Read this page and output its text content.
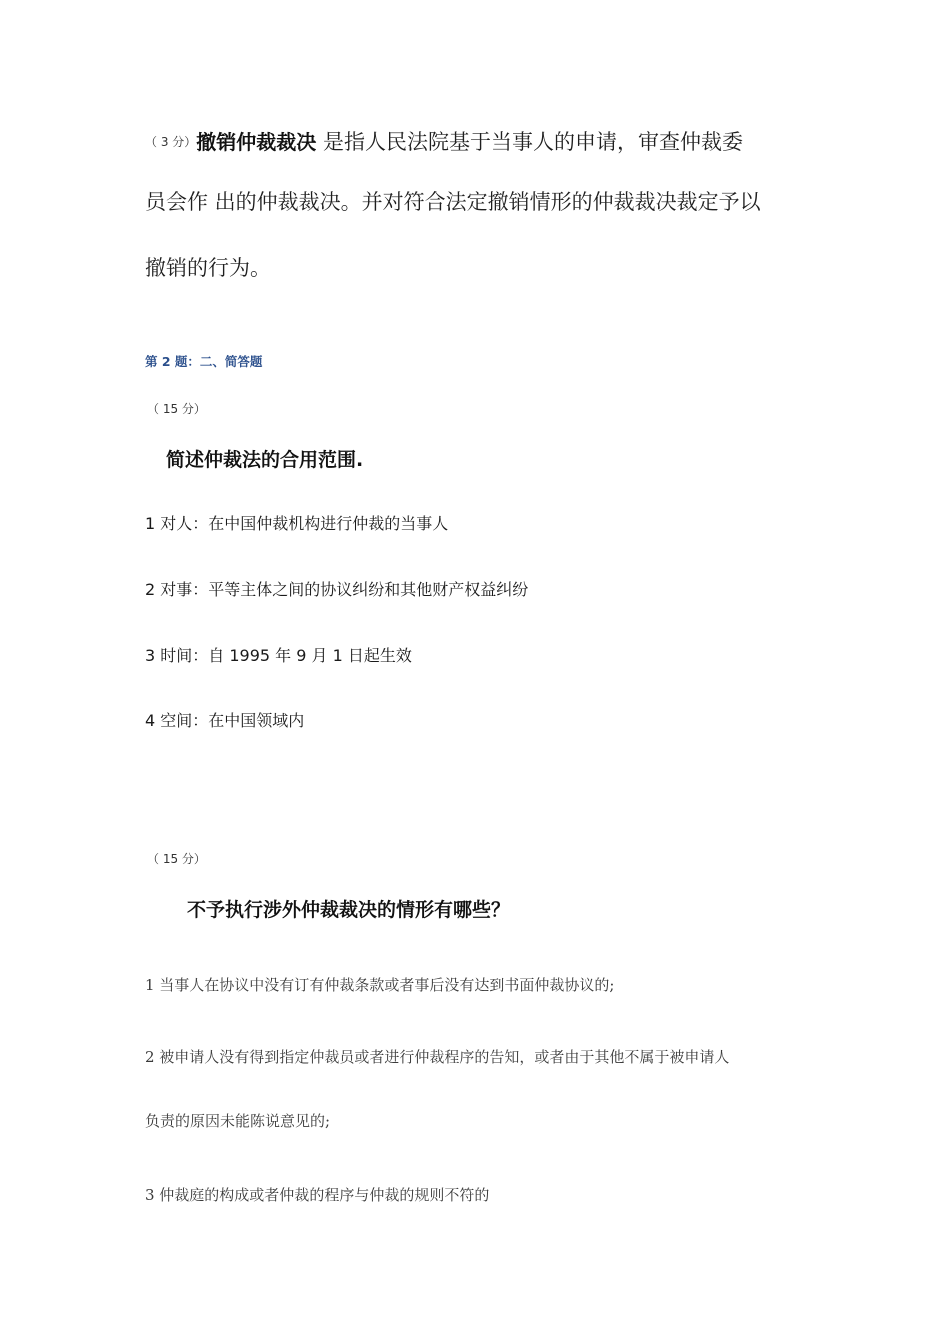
（ 3 分）撤销仲裁裁决 是指人民法院基于当事人的申请，审查仲裁委
员会作 出的仲裁裁决。并对符合法定撤销情形的仲裁裁决裁定予以
撤销的行为。
第 2 题：二、简答题
（ 15 分）
简述仲裁法的合用范围.
1 对人：在中国仲裁机构进行仲裁的当事人
2 对事：平等主体之间的协议纠纷和其他财产权益纠纷
3 时间：自 1995 年 9 月 1 日起生效
4 空间：在中国领域内
（ 15 分）
不予执行涉外仲裁裁决的情形有哪些？
1 当事人在协议中没有订有仲裁条款或者事后没有达到书面仲裁协议的;
2 被申请人没有得到指定仲裁员或者进行仲裁程序的告知，或者由于其他不属于被申请人
负责的原因未能陈说意见的;
3 仲裁庭的构成或者仲裁的程序与仲裁的规则不符的
